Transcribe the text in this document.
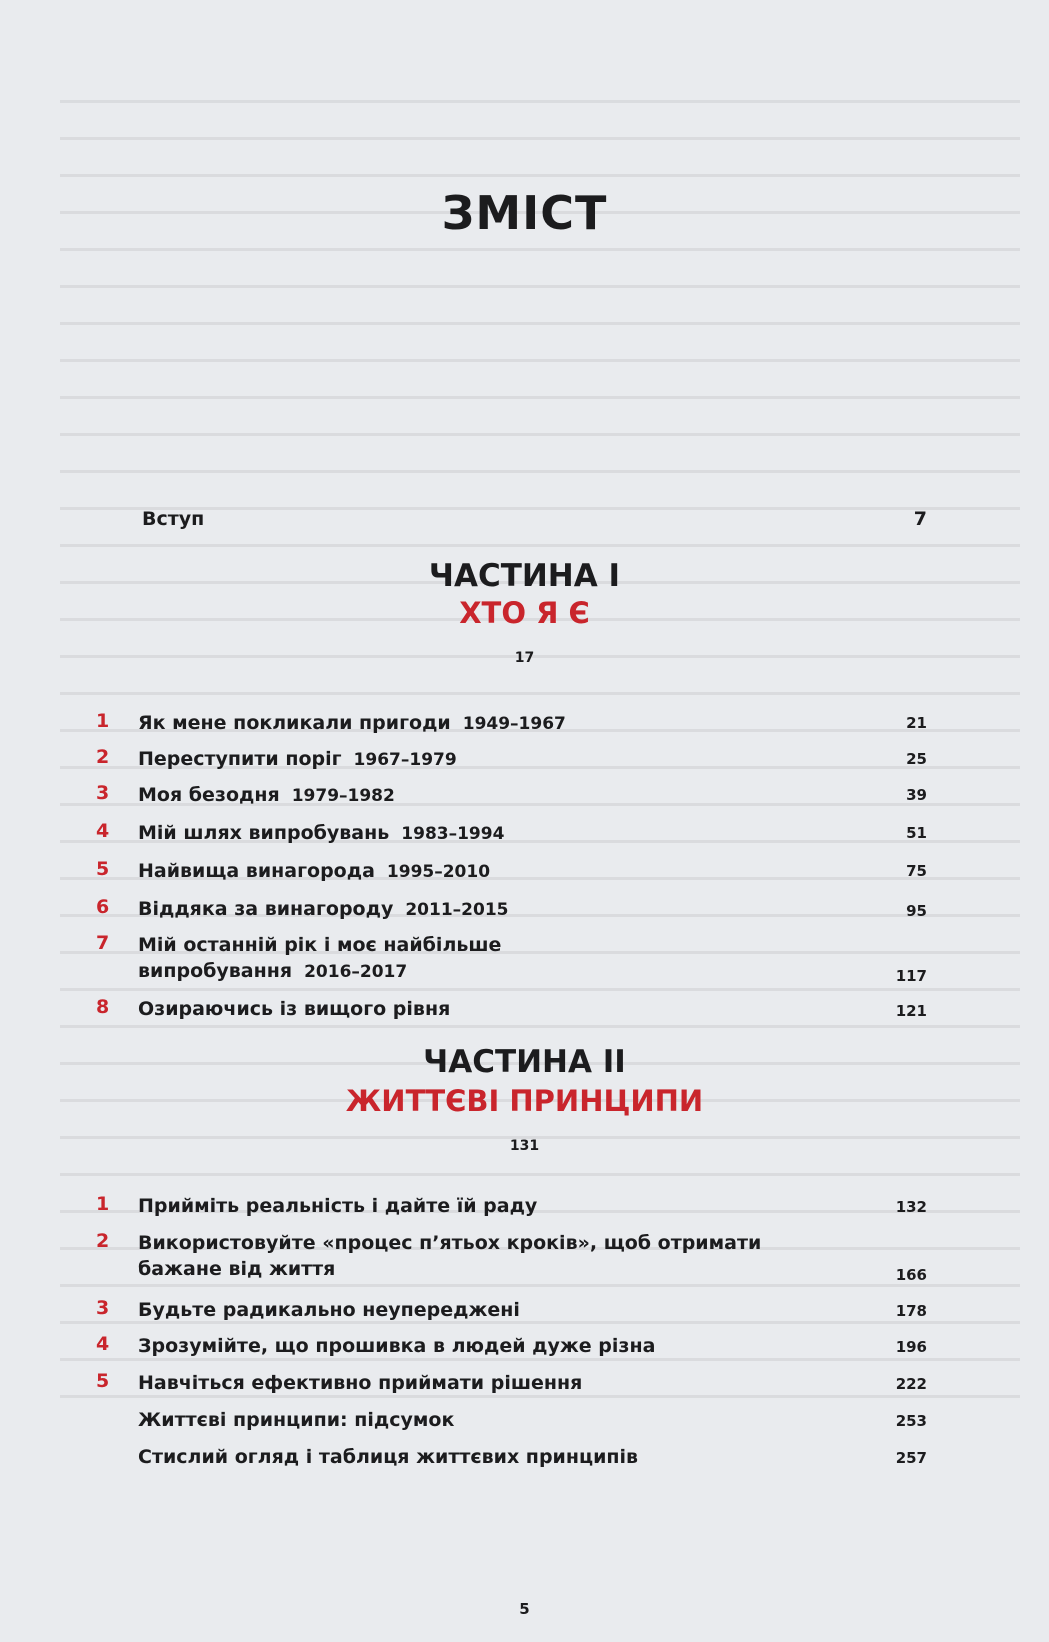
ЗМІСТ
Вступ	7
ЧАСТИНА І
ХТО Я Є
17
1	Як мене покликали пригоди 1949–1967	21
2	Переступити поріг 1967–1979	25
3	Моя безодня 1979–1982	39
4	Мій шлях випробувань 1983–1994	51
5	Найвища винагорода 1995–2010	75
6	Віддяка за винагороду 2011–2015	95
7	Мій останній рік і моє найбільше
випробування 2016–2017	117
8	Озираючись із вищого рівня	121
ЧАСТИНА ІІ
ЖИТТЄВІ ПРИНЦИПИ
131
1	Прийміть реальність і дайте їй раду	132
2	Використовуйте «процес п’ятьох кроків», щоб отримати
бажане від життя	166
3	Будьте радикально неупереджені	178
4	Зрозумійте, що прошивка в людей дуже різна	196
5	Навчіться ефективно приймати рішення	222
Життєві принципи: підсумок	253
Стислий огляд і таблиця життєвих принципів	257
5
